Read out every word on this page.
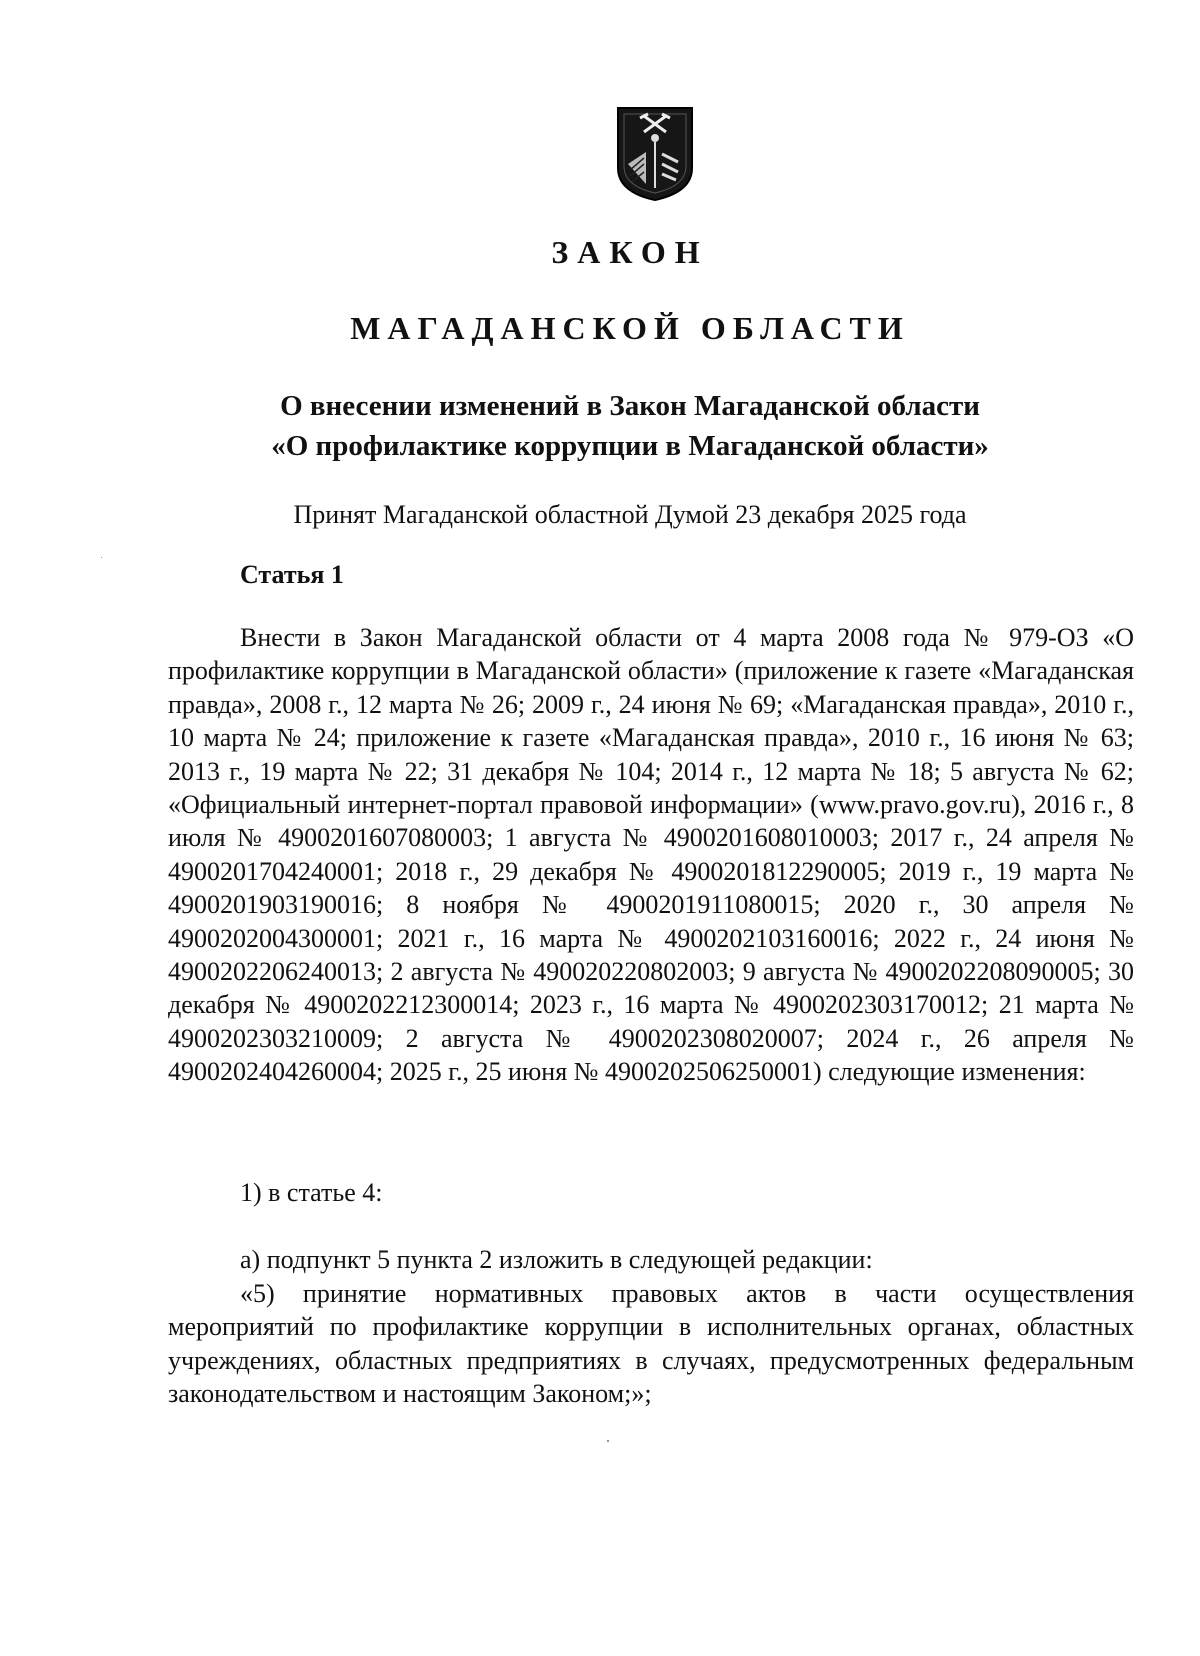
ЗАКОН
МАГАДАНСКОЙ ОБЛАСТИ
О внесении изменений в Закон Магаданской области
«О профилактике коррупции в Магаданской области»
Принят Магаданской областной Думой 23 декабря 2025 года
Статья 1
Внести в Закон Магаданской области от 4 марта 2008 года № 979-ОЗ «О профилактике коррупции в Магаданской области» (приложение к газете «Магаданская правда», 2008 г., 12 марта № 26; 2009 г., 24 июня № 69; «Магаданская правда», 2010 г., 10 марта № 24; приложение к газете «Магаданская правда», 2010 г., 16 июня № 63; 2013 г., 19 марта № 22; 31 декабря № 104; 2014 г., 12 марта № 18; 5 августа № 62; «Официальный интернет-портал правовой информации» (www.pravo.gov.ru), 2016 г., 8 июля № 4900201607080003; 1 августа № 4900201608010003; 2017 г., 24 апреля № 4900201704240001; 2018 г., 29 декабря № 4900201812290005; 2019 г., 19 марта № 4900201903190016; 8 ноября № 4900201911080015; 2020 г., 30 апреля № 4900202004300001; 2021 г., 16 марта № 4900202103160016; 2022 г., 24 июня № 4900202206240013; 2 августа № 490020220802003; 9 августа № 4900202208090005; 30 декабря № 4900202212300014; 2023 г., 16 марта № 4900202303170012; 21 марта № 4900202303210009; 2 августа № 4900202308020007; 2024 г., 26 апреля № 4900202404260004; 2025 г., 25 июня № 4900202506250001) следующие изменения:
1) в статье 4:
а) подпункт 5 пункта 2 изложить в следующей редакции:
«5) принятие нормативных правовых актов в части осуществления мероприятий по профилактике коррупции в исполнительных органах, областных учреждениях, областных предприятиях в случаях, предусмотренных федеральным законодательством и настоящим Законом;»;
